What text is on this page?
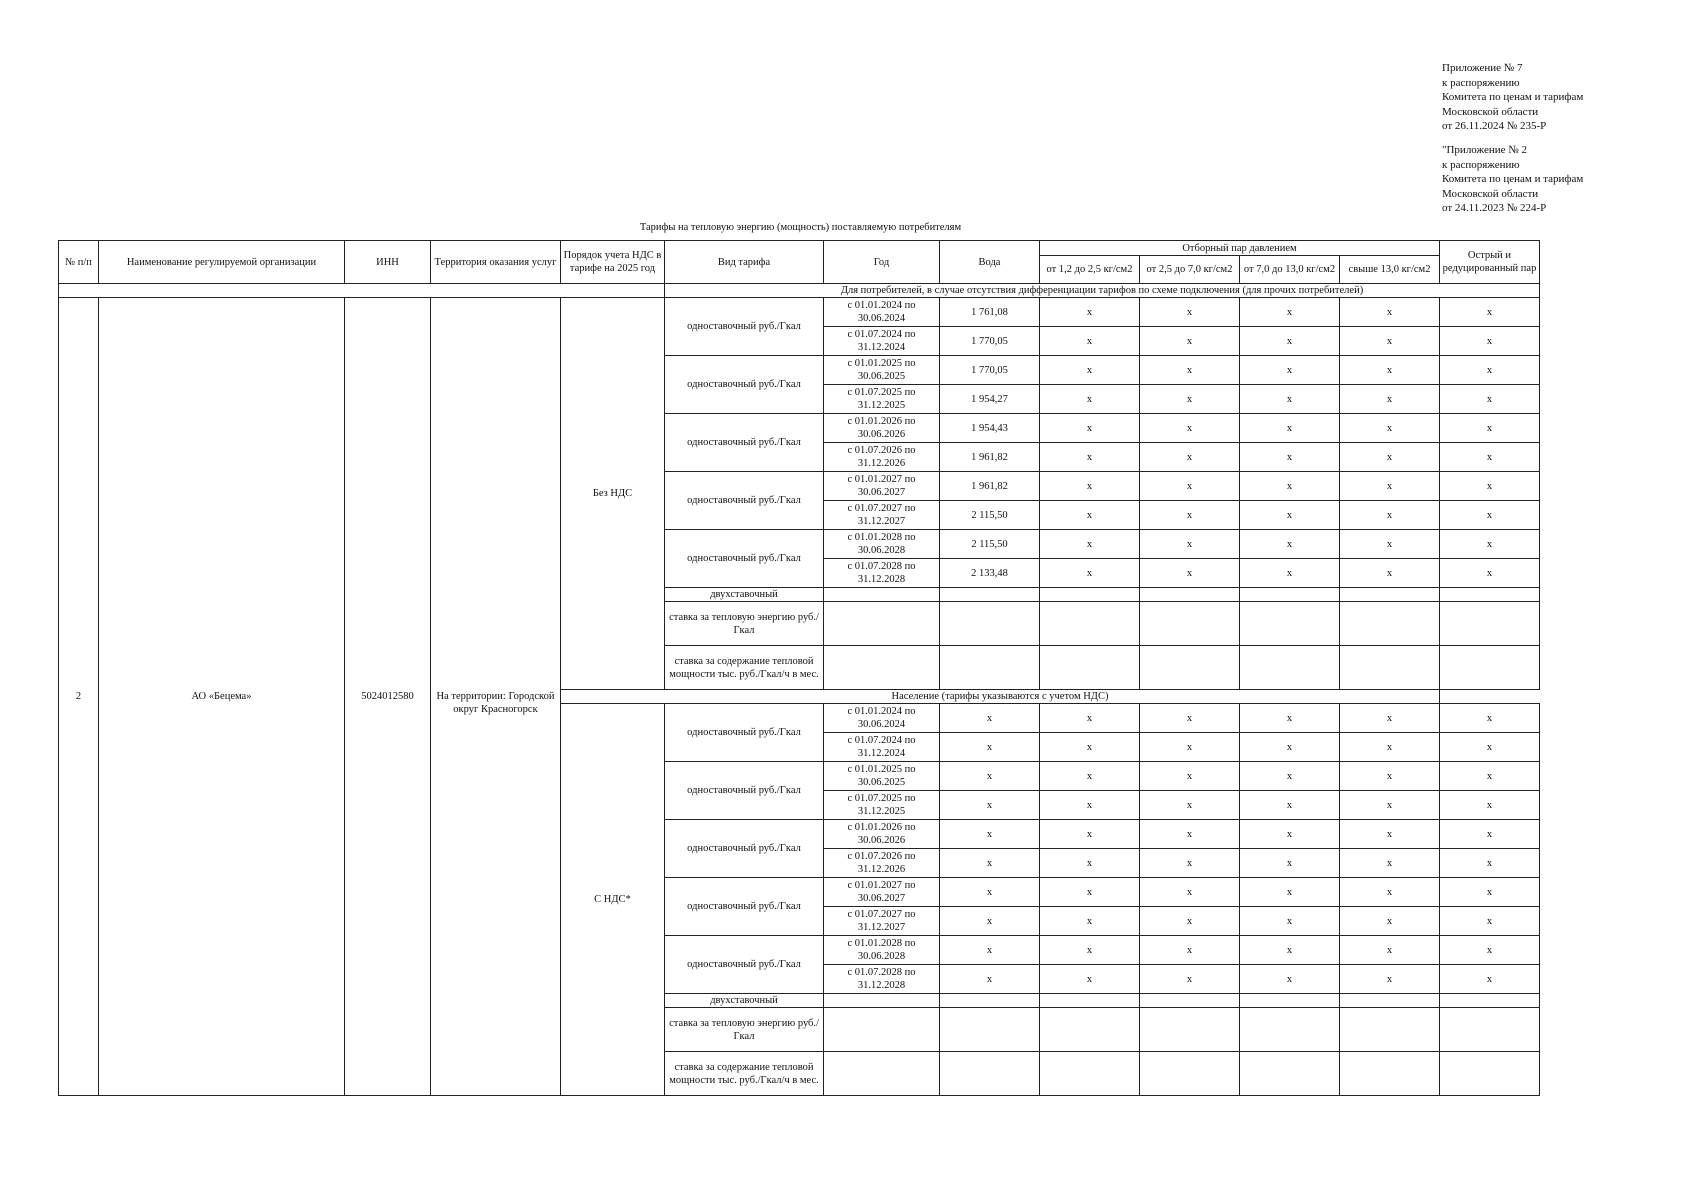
Приложение № 7
к распоряжению
Комитета по ценам и тарифам
Московской области
от 26.11.2024 № 235-Р
"Приложение № 2
к распоряжению
Комитета по ценам и тарифам
Московской области
от 24.11.2023 № 224-Р
Тарифы на тепловую энергию (мощность) поставляемую потребителям
№ п/п	Наименование регулируемой организации	ИНН	Территория оказания услуг	Порядок учета НДС в тарифе на 2025 год	Вид тарифа	Год	Вода	Отборный пар давлением				Острый и редуцированный пар
								от 1,2 до 2,5 кг/см2	от 2,5 до 7,0 кг/см2	от 7,0 до 13,0 кг/см2	свыше 13,0 кг/см2	
					Для потребителей, в случае отсутствия дифференциации тарифов по схеме подключения (для прочих потребителей)							
2	АО «Бецема»	5024012580	На территории: Городской округ Красногорск	Без НДС	одноставочный руб./Гкал	с 01.01.2024 по 30.06.2024	1 761,08	x	x	x	x	x
						с 01.07.2024 по 31.12.2024	1 770,05	x	x	x	x	x
					одноставочный руб./Гкал	с 01.01.2025 по 30.06.2025	1 770,05	x	x	x	x	x
						с 01.07.2025 по 31.12.2025	1 954,27	x	x	x	x	x
					одноставочный руб./Гкал	с 01.01.2026 по 30.06.2026	1 954,43	x	x	x	x	x
						с 01.07.2026 по 31.12.2026	1 961,82	x	x	x	x	x
					одноставочный руб./Гкал	с 01.01.2027 по 30.06.2027	1 961,82	x	x	x	x	x
						с 01.07.2027 по 31.12.2027	2 115,50	x	x	x	x	x
					одноставочный руб./Гкал	с 01.01.2028 по 30.06.2028	2 115,50	x	x	x	x	x
						с 01.07.2028 по 31.12.2028	2 133,48	x	x	x	x	x
					двухставочный							
					ставка за тепловую энергию руб./Гкал							
					ставка за содержание тепловой мощности тыс. руб./Гкал/ч в мес.							
				Население (тарифы указываются с учетом НДС)								
				С НДС*	одноставочный руб./Гкал	с 01.01.2024 по 30.06.2024	x	x	x	x	x	x
						с 01.07.2024 по 31.12.2024	x	x	x	x	x	x
					одноставочный руб./Гкал	с 01.01.2025 по 30.06.2025	x	x	x	x	x	x
						с 01.07.2025 по 31.12.2025	x	x	x	x	x	x
					одноставочный руб./Гкал	с 01.01.2026 по 30.06.2026	x	x	x	x	x	x
						с 01.07.2026 по 31.12.2026	x	x	x	x	x	x
					одноставочный руб./Гкал	с 01.01.2027 по 30.06.2027	x	x	x	x	x	x
						с 01.07.2027 по 31.12.2027	x	x	x	x	x	x
					одноставочный руб./Гкал	с 01.01.2028 по 30.06.2028	x	x	x	x	x	x
						с 01.07.2028 по 31.12.2028	x	x	x	x	x	x
					двухставочный							
					ставка за тепловую энергию руб./Гкал							
					ставка за содержание тепловой мощности тыс. руб./Гкал/ч в мес.							
